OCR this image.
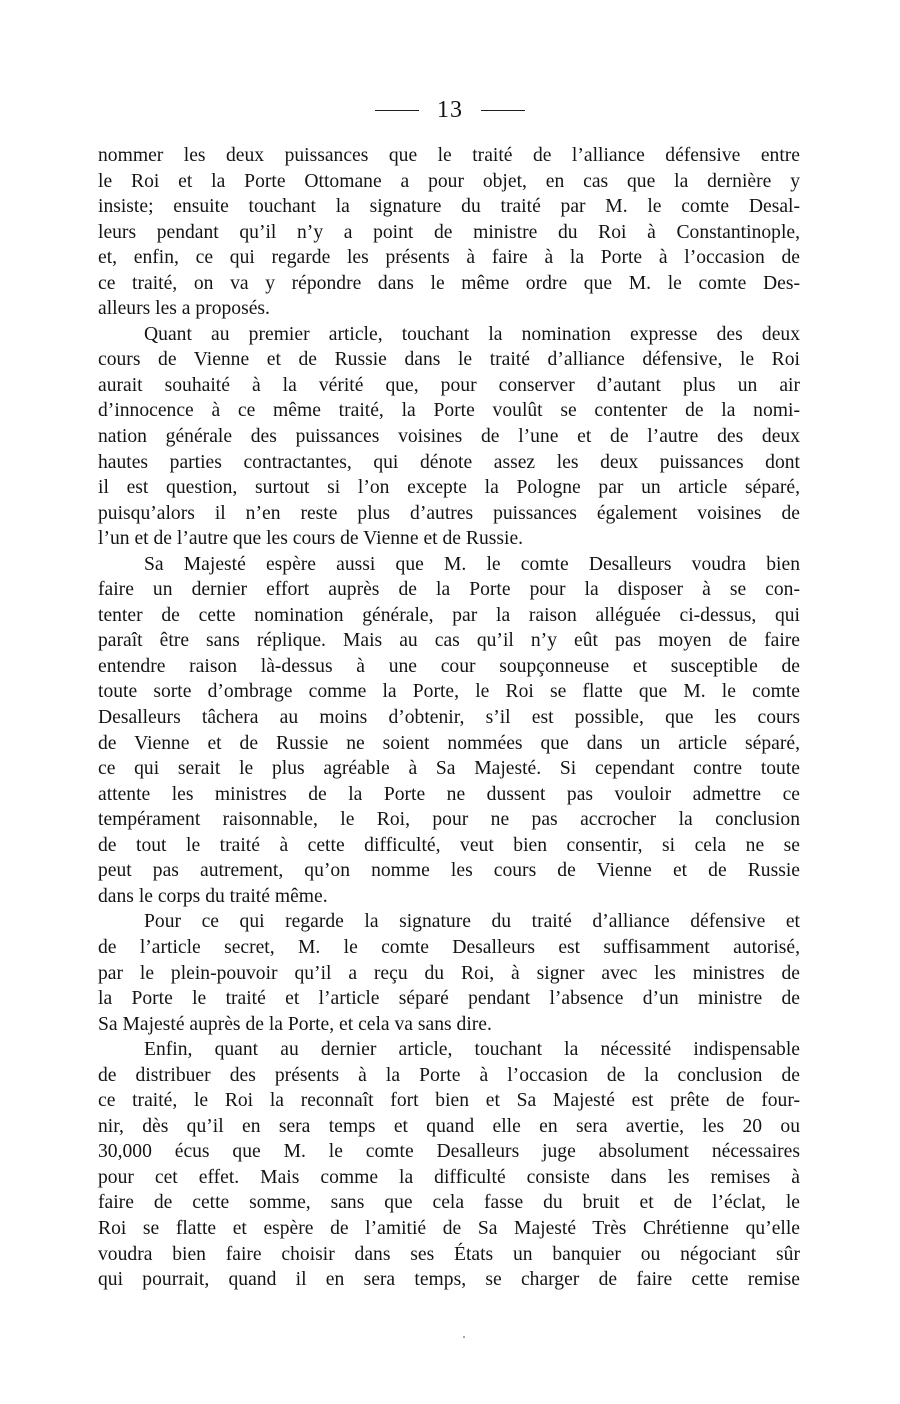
13
nommer les deux puissances que le traité de l’alliance défensive entre
le Roi et la Porte Ottomane a pour objet, en cas que la dernière y
insiste; ensuite touchant la signature du traité par M. le comte Desal-
leurs pendant qu’il n’y a point de ministre du Roi à Constantinople,
et, enfin, ce qui regarde les présents à faire à la Porte à l’occasion de
ce traité, on va y répondre dans le même ordre que M. le comte Des-
alleurs les a proposés.
Quant au premier article, touchant la nomination expresse des deux
cours de Vienne et de Russie dans le traité d’alliance défensive, le Roi
aurait souhaité à la vérité que, pour conserver d’autant plus un air
d’innocence à ce même traité, la Porte voulût se contenter de la nomi-
nation générale des puissances voisines de l’une et de l’autre des deux
hautes parties contractantes, qui dénote assez les deux puissances dont
il est question, surtout si l’on excepte la Pologne par un article séparé,
puisqu’alors il n’en reste plus d’autres puissances également voisines de
l’un et de l’autre que les cours de Vienne et de Russie.
Sa Majesté espère aussi que M. le comte Desalleurs voudra bien
faire un dernier effort auprès de la Porte pour la disposer à se con-
tenter de cette nomination générale, par la raison alléguée ci-dessus, qui
paraît être sans réplique. Mais au cas qu’il n’y eût pas moyen de faire
entendre raison là-dessus à une cour soupçonneuse et susceptible de
toute sorte d’ombrage comme la Porte, le Roi se flatte que M. le comte
Desalleurs tâchera au moins d’obtenir, s’il est possible, que les cours
de Vienne et de Russie ne soient nommées que dans un article séparé,
ce qui serait le plus agréable à Sa Majesté. Si cependant contre toute
attente les ministres de la Porte ne dussent pas vouloir admettre ce
tempérament raisonnable, le Roi, pour ne pas accrocher la conclusion
de tout le traité à cette difficulté, veut bien consentir, si cela ne se
peut pas autrement, qu’on nomme les cours de Vienne et de Russie
dans le corps du traité même.
Pour ce qui regarde la signature du traité d’alliance défensive et
de l’article secret, M. le comte Desalleurs est suffisamment autorisé,
par le plein-pouvoir qu’il a reçu du Roi, à signer avec les ministres de
la Porte le traité et l’article séparé pendant l’absence d’un ministre de
Sa Majesté auprès de la Porte, et cela va sans dire.
Enfin, quant au dernier article, touchant la nécessité indispensable
de distribuer des présents à la Porte à l’occasion de la conclusion de
ce traité, le Roi la reconnaît fort bien et Sa Majesté est prête de four-
nir, dès qu’il en sera temps et quand elle en sera avertie, les 20 ou
30,000 écus que M. le comte Desalleurs juge absolument nécessaires
pour cet effet. Mais comme la difficulté consiste dans les remises à
faire de cette somme, sans que cela fasse du bruit et de l’éclat, le
Roi se flatte et espère de l’amitié de Sa Majesté Très Chrétienne qu’elle
voudra bien faire choisir dans ses États un banquier ou négociant sûr
qui pourrait, quand il en sera temps, se charger de faire cette remise
